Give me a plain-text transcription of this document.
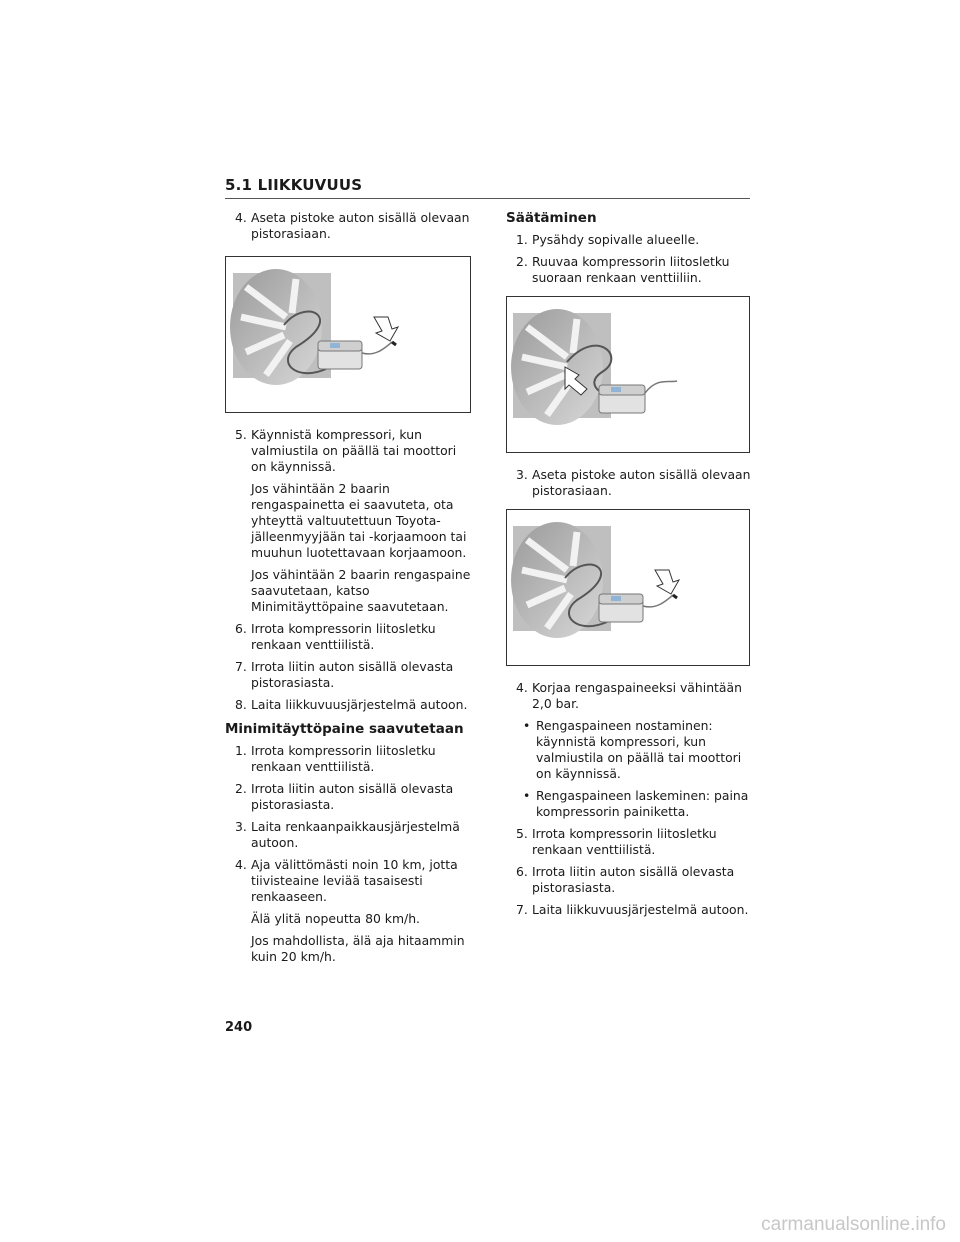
5.1 LIIKKUVUUS
4. Aseta pistoke auton sisällä olevaan pistorasiaan.
5. Käynnistä kompressori, kun valmiustila on päällä tai moottori on käynnissä.
Jos vähintään 2 baarin rengaspainetta ei saavuteta, ota yhteyttä valtuutettuun Toyota-jälleenmyyjään tai -korjaamoon tai muuhun luotettavaan korjaamoon.
Jos vähintään 2 baarin rengaspaine saavutetaan, katso Minimitäyttöpaine saavutetaan.
6. Irrota kompressorin liitosletku renkaan venttiilistä.
7. Irrota liitin auton sisällä olevasta pistorasiasta.
8. Laita liikkuvuusjärjestelmä autoon.
Minimitäyttöpaine saavutetaan
1. Irrota kompressorin liitosletku renkaan venttiilistä.
2. Irrota liitin auton sisällä olevasta pistorasiasta.
3. Laita renkaanpaikkausjärjestelmä autoon.
4. Aja välittömästi noin 10 km, jotta tiivisteaine leviää tasaisesti renkaaseen.
Älä ylitä nopeutta 80 km/h.
Jos mahdollista, älä aja hitaammin kuin 20 km/h.
Säätäminen
1. Pysähdy sopivalle alueelle.
2. Ruuvaa kompressorin liitosletku suoraan renkaan venttiiliin.
3. Aseta pistoke auton sisällä olevaan pistorasiaan.
4. Korjaa rengaspaineeksi vähintään 2,0 bar.
• Rengaspaineen nostaminen: käynnistä kompressori, kun valmiustila on päällä tai moottori on käynnissä.
• Rengaspaineen laskeminen: paina kompressorin painiketta.
5. Irrota kompressorin liitosletku renkaan venttiilistä.
6. Irrota liitin auton sisällä olevasta pistorasiasta.
7. Laita liikkuvuusjärjestelmä autoon.
240
carmanualsonline.info
